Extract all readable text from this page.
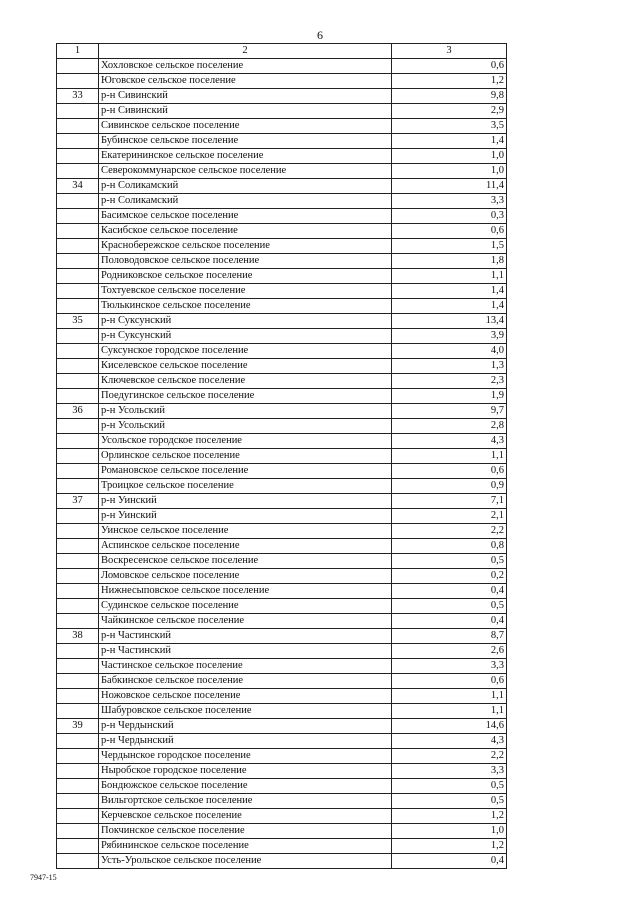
6
1	2	3
	Хохловское сельское поселение	0,6
	Юговское сельское поселение	1,2
33	р-н Сивинский	9,8
	р-н Сивинский	2,9
	Сивинское сельское поселение	3,5
	Бубинское сельское поселение	1,4
	Екатерининское сельское поселение	1,0
	Северокоммунарское сельское поселение	1,0
34	р-н Соликамский	11,4
	р-н Соликамский	3,3
	Басимское сельское поселение	0,3
	Касибское сельское поселение	0,6
	Краснобережское сельское поселение	1,5
	Половодовское сельское поселение	1,8
	Родниковское сельское поселение	1,1
	Тохтуевское сельское поселение	1,4
	Тюлькинское сельское поселение	1,4
35	р-н Суксунский	13,4
	р-н Суксунский	3,9
	Суксунское городское поселение	4,0
	Киселевское сельское поселение	1,3
	Ключевское сельское поселение	2,3
	Поедугинское сельское поселение	1,9
36	р-н Усольский	9,7
	р-н Усольский	2,8
	Усольское городское поселение	4,3
	Орлинское сельское поселение	1,1
	Романовское сельское поселение	0,6
	Троицкое сельское поселение	0,9
37	р-н Уинский	7,1
	р-н Уинский	2,1
	Уинское сельское поселение	2,2
	Аспинское сельское поселение	0,8
	Воскресенское сельское поселение	0,5
	Ломовское сельское поселение	0,2
	Нижнесыповское сельское поселение	0,4
	Судинское сельское поселение	0,5
	Чайкинское сельское поселение	0,4
38	р-н Частинский	8,7
	р-н Частинский	2,6
	Частинское сельское поселение	3,3
	Бабкинское сельское поселение	0,6
	Ножовское сельское поселение	1,1
	Шабуровское сельское поселение	1,1
39	р-н Чердынский	14,6
	р-н Чердынский	4,3
	Чердынское городское поселение	2,2
	Ныробское городское поселение	3,3
	Бондюжское сельское поселение	0,5
	Вильгортское сельское поселение	0,5
	Керчевское сельское поселение	1,2
	Покчинское сельское поселение	1,0
	Рябининское сельское поселение	1,2
	Усть-Урольское сельское поселение	0,4
7947-15
